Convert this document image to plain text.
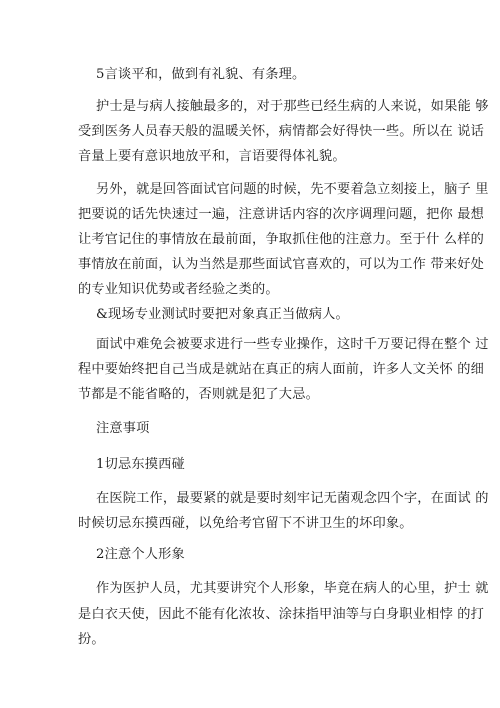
5言谈平和，做到有礼貌、有条理。
护士是与病人接触最多的，对于那些已经生病的人来说，如果能 够
受到医务人员春天般的温暖关怀，病情都会好得快一些。所以在 说话
音量上要有意识地放平和，言语要得体礼貌。
另外，就是回答面试官问题的时候，先不要着急立刻接上，脑子 里
把要说的话先快速过一遍，注意讲话内容的次序调理问题，把你 最想
让考官记住的事情放在最前面，争取抓住他的注意力。至于什 么样的
事情放在前面，认为当然是那些面试官喜欢的，可以为工作 带来好处
的专业知识优势或者经验之类的。
&现场专业测试时要把对象真正当做病人。
面试中难免会被要求进行一些专业操作，这时千万要记得在整个 过
程中要始终把自己当成是就站在真正的病人面前，许多人文关怀 的细
节都是不能省略的，否则就是犯了大忌。
注意事项
1切忌东摸西碰
在医院工作，最要紧的就是要时刻牢记无菌观念四个字，在面试 的
时候切忌东摸西碰，以免给考官留下不讲卫生的坏印象。
2注意个人形象
作为医护人员，尤其要讲究个人形象，毕竟在病人的心里，护士 就
是白衣天使，因此不能有化浓妆、涂抹指甲油等与白身职业相悖 的打
扮。
